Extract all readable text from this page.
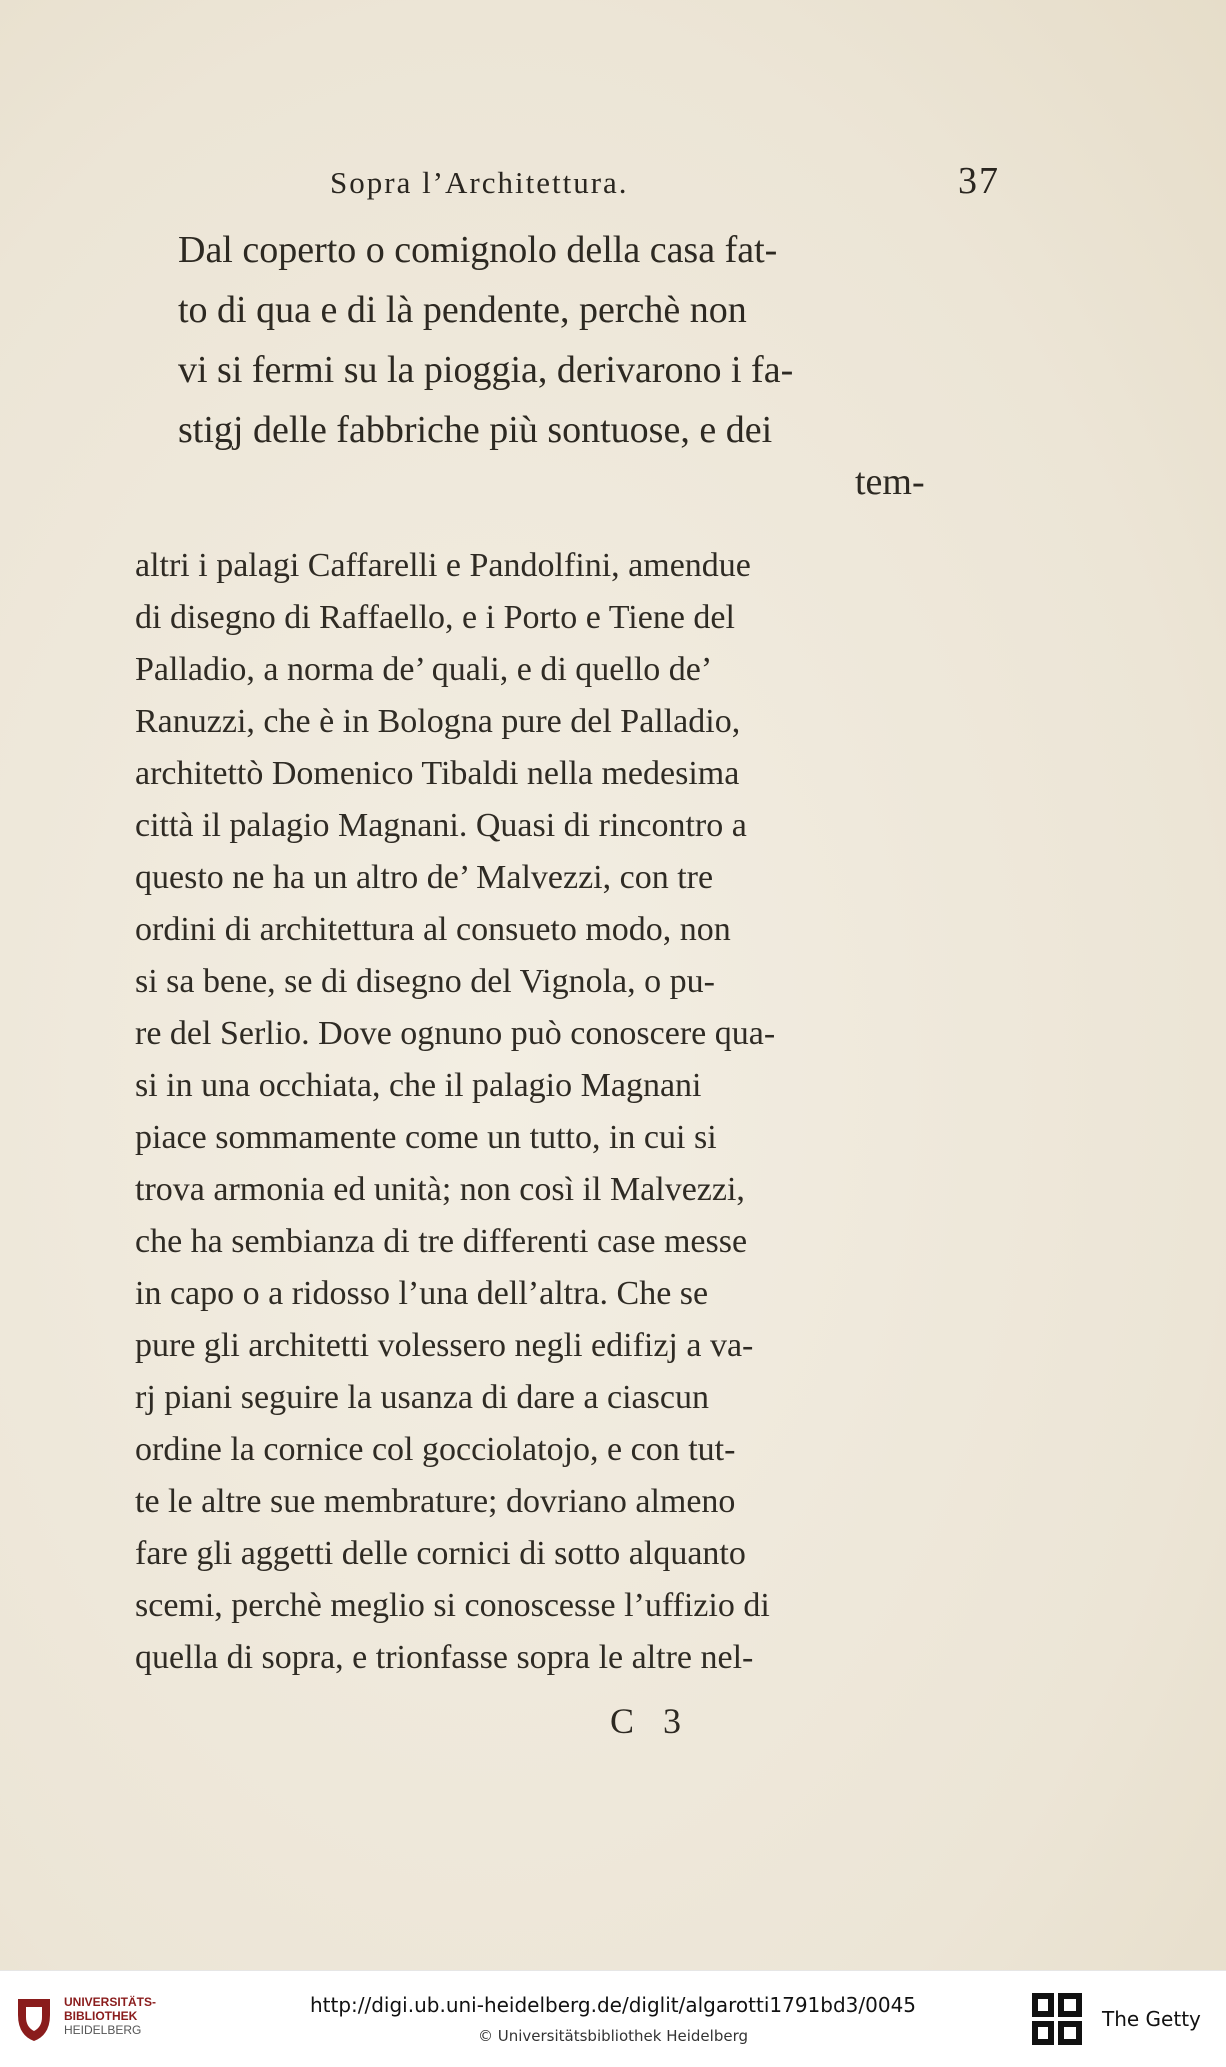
Sopra l’Architettura.	37
Dal coperto o comignolo della casa fat-
to di qua e di là pendente, perchè non
vi si fermi su la pioggia, derivarono i fa-
stigj delle fabbriche più sontuose, e dei
tem-
altri i palagi Caffarelli e Pandolfini, amendue
di disegno di Raffaello, e i Porto e Tiene del
Palladio, a norma de’ quali, e di quello de’
Ranuzzi, che è in Bologna pure del Palladio,
architettò Domenico Tibaldi nella medesima
città il palagio Magnani. Quasi di rincontro a
questo ne ha un altro de’ Malvezzi, con tre
ordini di architettura al consueto modo, non
si sa bene, se di disegno del Vignola, o pu-
re del Serlio. Dove ognuno può conoscere qua-
si in una occhiata, che il palagio Magnani
piace sommamente come un tutto, in cui si
trova armonia ed unità; non così il Malvezzi,
che ha sembianza di tre differenti case messe
in capo o a ridosso l’una dell’altra. Che se
pure gli architetti volessero negli edifizj a va-
rj piani seguire la usanza di dare a ciascun
ordine la cornice col gocciolatojo, e con tut-
te le altre sue membrature; dovriano almeno
fare gli aggetti delle cornici di sotto alquanto
scemi, perchè meglio si conoscesse l’uffizio di
quella di sopra, e trionfasse sopra le altre nel-
C 3
UNIVERSITÄTS-
BIBLIOTHEK
HEIDELBERG
http://digi.ub.uni-heidelberg.de/diglit/algarotti1791bd3/0045
© Universitätsbibliothek Heidelberg
The Getty
